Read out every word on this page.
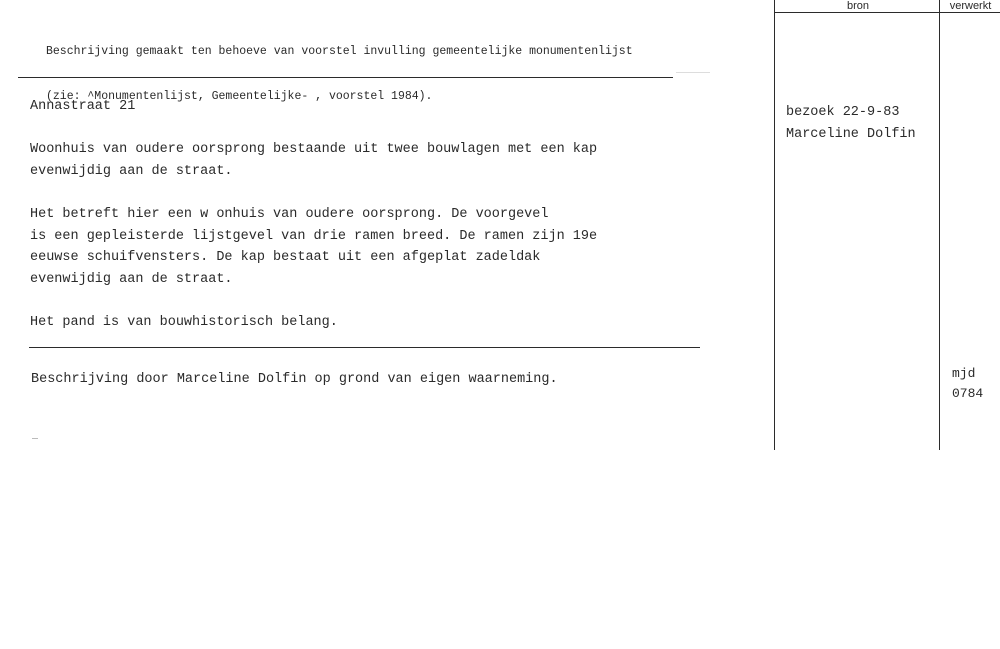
Beschrijving gemaakt ten behoeve van voorstel invulling gemeentelijke monumentenlijst

(zie: ^Monumentenlijst, Gemeentelijke- , voorstel 1984).

bron	verwerkt
Annastraat 21
Woonhuis van oudere oorsprong bestaande uit twee bouwlagen met een kap
evenwijdig aan de straat.
Het betreft hier een w onhuis van oudere oorsprong. De voorgevel
is een gepleisterde lijstgevel van drie ramen breed. De ramen zijn 19e
eeuwse schuifvensters. De kap bestaat uit een afgeplat zadeldak
evenwijdig aan de straat.
Het pand is van bouwhistorisch belang.
Beschrijving door Marceline Dolfin op grond van eigen waarneming.
bezoek 22-9-83
Marceline Dolfin
mjd
0784
